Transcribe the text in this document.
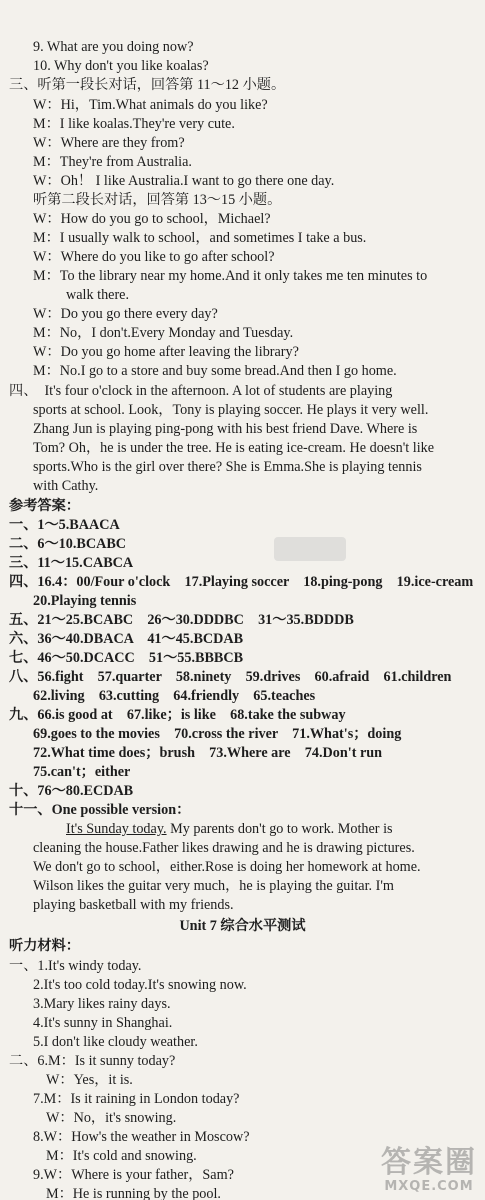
9. What are you doing now?
10. Why don't you like koalas?
三、听第一段长对话，回答第 11～12 小题。
W：Hi，Tim.What animals do you like?
M：I like koalas.They're very cute.
W：Where are they from?
M：They're from Australia.
W：Oh！ I like Australia.I want to go there one day.
听第二段长对话，回答第 13～15 小题。
W：How do you go to school，Michael?
M：I usually walk to school，and sometimes I take a bus.
W：Where do you like to go after school?
M：To the library near my home.And it only takes me ten minutes to
walk there.
W：Do you go there every day?
M：No，I don't.Every Monday and Tuesday.
W：Do you go home after leaving the library?
M：No.I go to a store and buy some bread.And then I go home.
四、　It's four o'clock in the afternoon. A lot of students are playing
sports at school. Look，Tony is playing soccer. He plays it very well.
Zhang Jun is playing ping-pong with his best friend Dave. Where is
Tom? Oh，he is under the tree. He is eating ice-cream. He doesn't like
sports.Who is the girl over there? She is Emma.She is playing tennis
with Cathy.
参考答案：
一、1～5.BAACA
二、6～10.BCABC
三、11～15.CABCA
四、16.4：00/Four o'clock　17.Playing soccer　18.ping-pong　19.ice-cream
20.Playing tennis
五、21～25.BCABC　26～30.DDDBC　31～35.BDDDB
六、36～40.DBACA　41～45.BCDAB
七、46～50.DCACC　51～55.BBBCB
八、56.fight　57.quarter　58.ninety　59.drives　60.afraid　61.children
62.living　63.cutting　64.friendly　65.teaches
九、66.is good at　67.like；is like　68.take the subway
69.goes to the movies　70.cross the river　71.What's；doing
72.What time does；brush　73.Where are　74.Don't run
75.can't；either
十、76～80.ECDAB
十一、One possible version：
It's Sunday today. My parents don't go to work. Mother is
cleaning the house.Father likes drawing and he is drawing pictures.
We don't go to school，either.Rose is doing her homework at home.
Wilson likes the guitar very much，he is playing the guitar. I'm
playing basketball with my friends.
Unit 7 综合水平测试
听力材料：
一、1.It's windy today.
2.It's too cold today.It's snowing now.
3.Mary likes rainy days.
4.It's sunny in Shanghai.
5.I don't like cloudy weather.
二、6.M：Is it sunny today?
W：Yes，it is.
7.M：Is it raining in London today?
W：No，it's snowing.
8.W：How's the weather in Moscow?
M：It's cold and snowing.
9.W：Where is your father，Sam?
M：He is running by the pool.
答案圈
MXQE.COM
